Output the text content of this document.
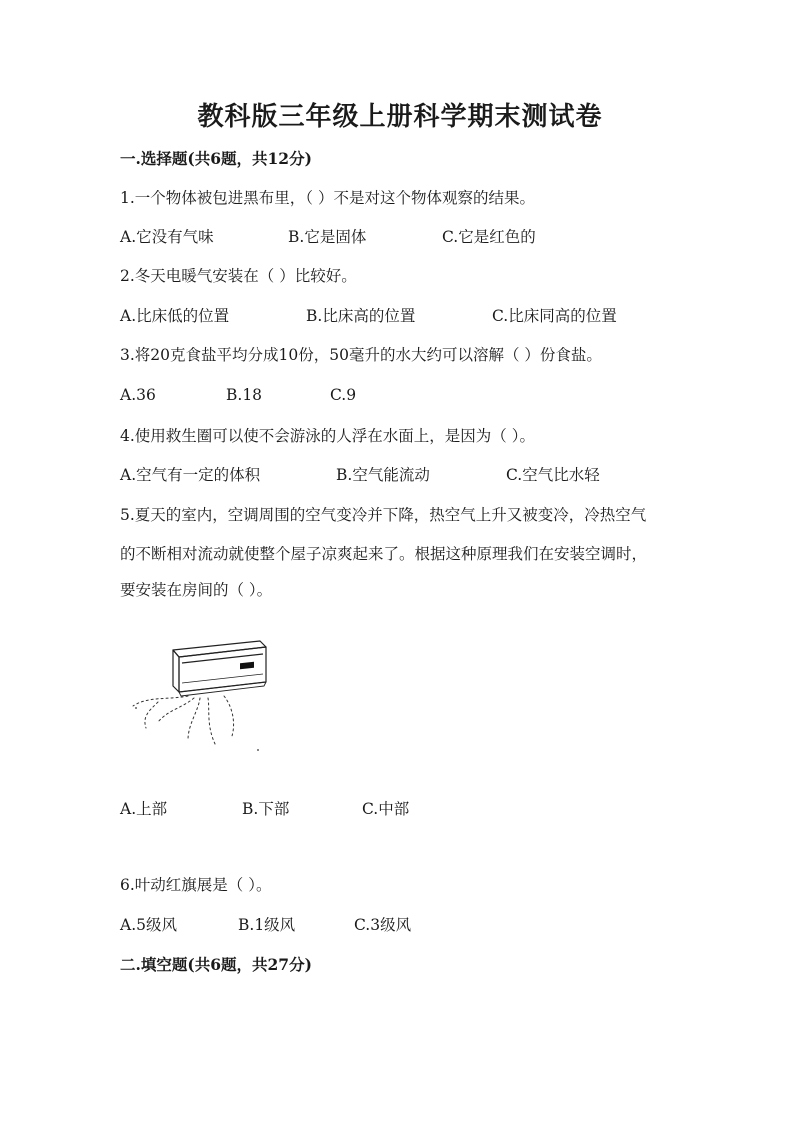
教科版三年级上册科学期末测试卷
一.选择题(共6题，共12分)
1.一个物体被包进黑布里，（ ）不是对这个物体观察的结果。
A.它没有气味	B.它是固体	C.它是红色的
2.冬天电暖气安装在（ ）比较好。
A.比床低的位置	B.比床高的位置	C.比床同高的位置
3.将20克食盐平均分成10份，50毫升的水大约可以溶解（ ）份食盐。
A.36	B.18	C.9
4.使用救生圈可以使不会游泳的人浮在水面上，是因为（ ）。
A.空气有一定的体积	B.空气能流动	C.空气比水轻
5.夏天的室内，空调周围的空气变冷并下降，热空气上升又被变冷，冷热空气
的不断相对流动就使整个屋子凉爽起来了。根据这种原理我们在安装空调时，
要安装在房间的（ ）。
A.上部	B.下部	C.中部
6.叶动红旗展是（ ）。
A.5级风	B.1级风	C.3级风
二.填空题(共6题，共27分)
